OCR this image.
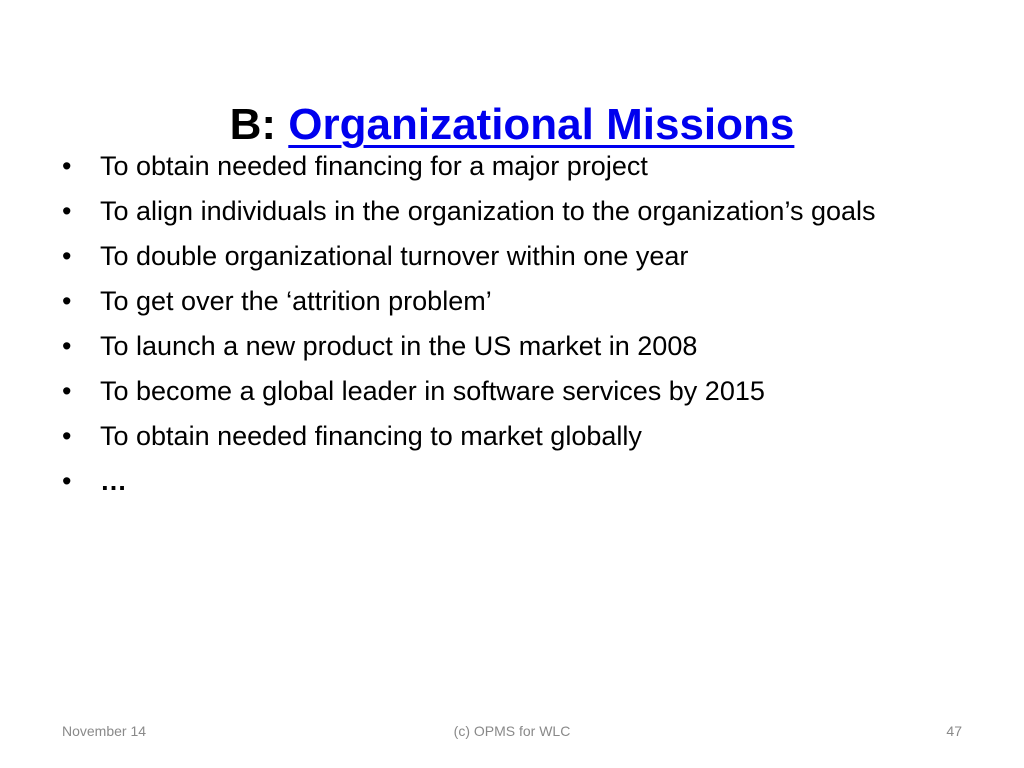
B: Organizational Missions
•	To obtain needed financing for a major project
•	To align individuals in the organization to the organization’s goals
•	To double organizational turnover within one year
•	To get over the ‘attrition problem’
•	To launch a new product in the US market in 2008
•	To become a global leader in software services by 2015
•	To obtain needed financing to market globally
•	…
November 14	(c) OPMS for WLC	47
